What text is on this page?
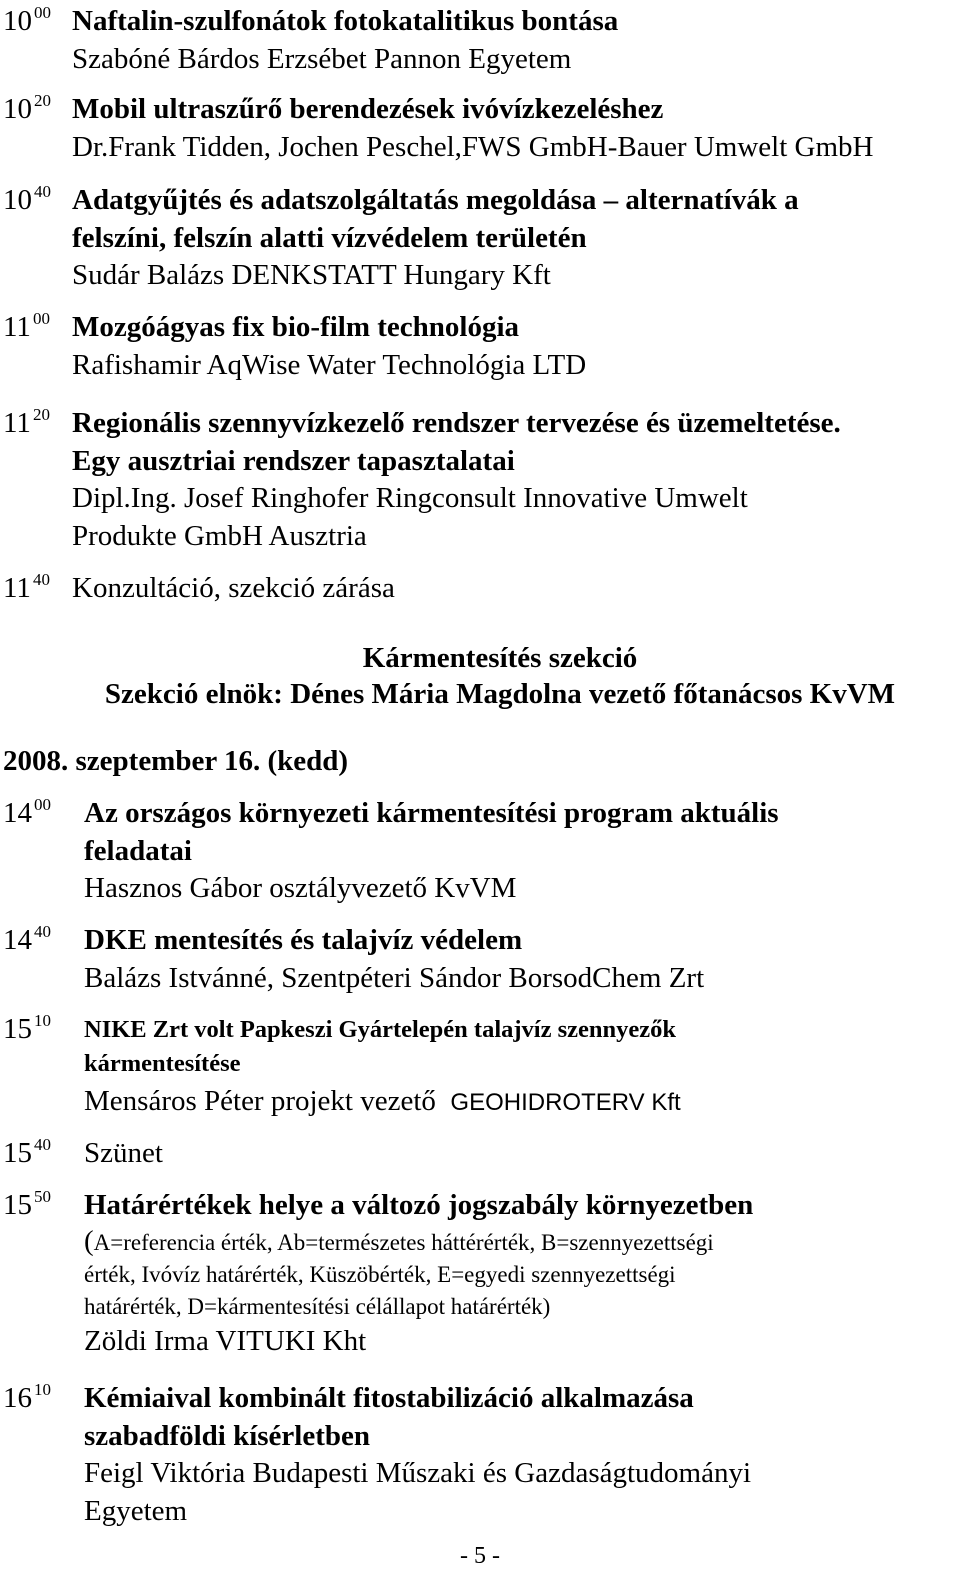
10 $^{00}$ Naftalin-szulfonátok fotokatalitikus bontása
Szabóné Bárdos Erzsébet Pannon Egyetem
10 $^{20}$ Mobil ultraszűrő berendezések ivóvízkezeléshez
Dr.Frank Tidden, Jochen Peschel,FWS GmbH-Bauer Umwelt GmbH
10 $^{40}$ Adatgyűjtés és adatszolgáltatás megoldása – alternatívák a
felszíni, felszín alatti vízvédelem területén
Sudár Balázs DENKSTATT Hungary Kft
11 $^{00}$ Mozgóágyas fix bio-film technológia
Rafishamir AqWise Water Technológia LTD
11 $^{20}$ Regionális szennyvízkezelő rendszer tervezése és üzemeltetése.
Egy ausztriai rendszer tapasztalatai
Dipl.Ing. Josef Ringhofer Ringconsult Innovative Umwelt
Produkte GmbH Ausztria
11 $^{40}$ Konzultáció, szekció zárása
Kármentesítés szekció
Szekció elnök: Dénes Mária Magdolna vezető főtanácsos KvVM
2008. szeptember 16. (kedd)
14 $^{00}$ Az országos környezeti kármentesítési program aktuális
feladatai
Hasznos Gábor osztályvezető KvVM
14 $^{40}$ DKE mentesítés és talajvíz védelem
Balázs Istvánné, Szentpéteri Sándor BorsodChem Zrt
15 $^{10}$ NIKE Zrt volt Papkeszi Gyártelepén talajvíz szennyezők
kármentesítése
Mensáros Péter projekt vezető GEOHIDROTERV Kft
15 $^{40}$ Szünet
15 $^{50}$ Határértékek helye a változó jogszabály környezetben
(A=referencia érték, Ab=természetes háttérérték, B=szennyezettségi
érték, Ivóvíz határérték, Küszöbérték, E=egyedi szennyezettségi
határérték, D=kármentesítési célállapot határérték)
Zöldi Irma VITUKI Kht
16 $^{10}$ Kémiaival kombinált fitostabilizáció alkalmazása
szabadföldi kísérletben
Feigl Viktória Budapesti Műszaki és Gazdaságtudományi
Egyetem
- 5 -
